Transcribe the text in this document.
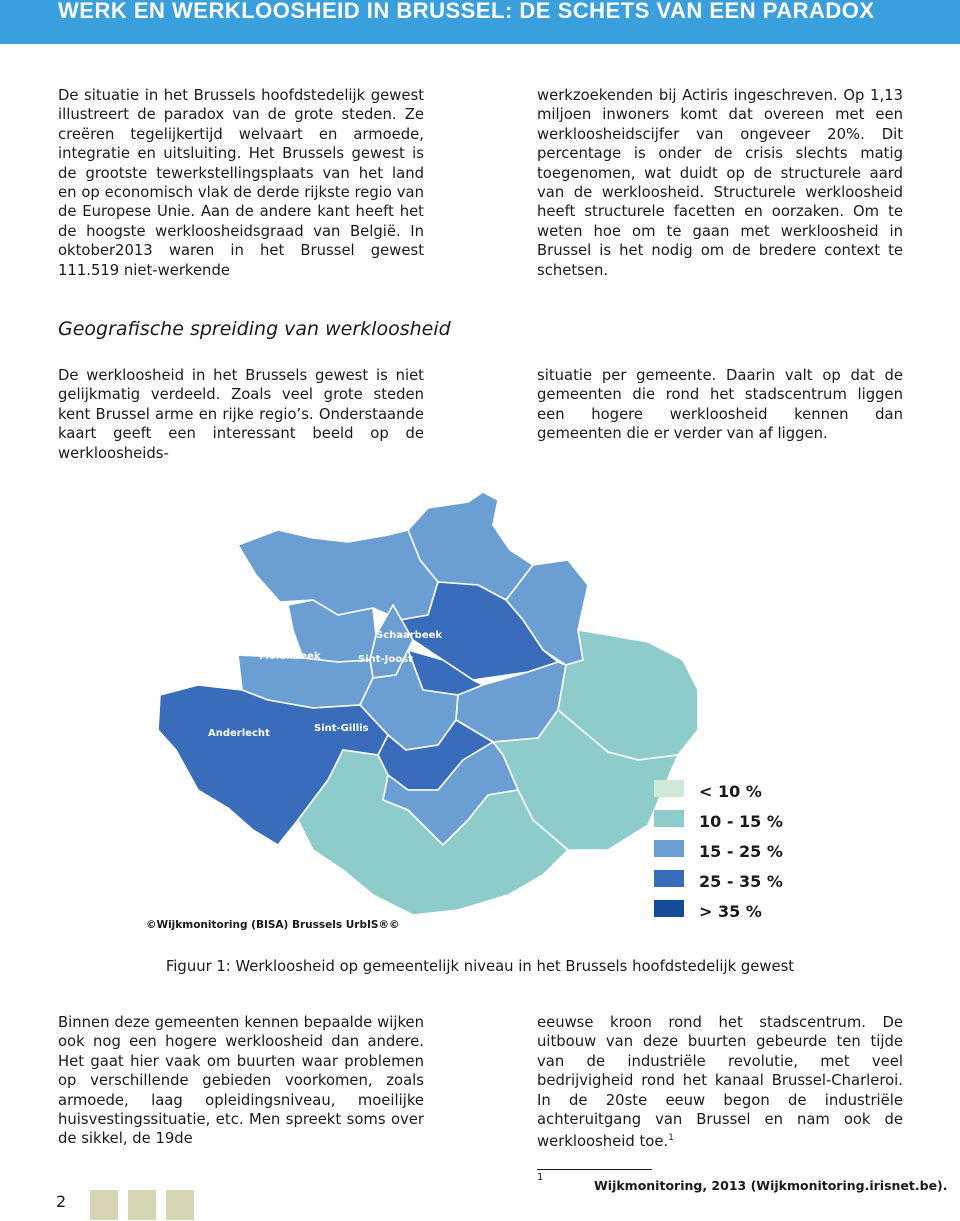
WERK EN WERKLOOSHEID IN BRUSSEL: DE SCHETS VAN EEN PARADOX
De situatie in het Brussels hoofdstedelijk gewest illustreert de paradox van de grote steden. Ze creëren tegelijkertijd welvaart en armoede, integratie en uitsluiting. Het Brussels gewest is de grootste tewerkstellingsplaats van het land en op economisch vlak de derde rijkste regio van de Europese Unie. Aan de andere kant heeft het de hoogste werkloosheidsgraad van België. In oktober2013 waren in het Brussel gewest 111.519 niet-werkende
werkzoekenden bij Actiris ingeschreven. Op 1,13 miljoen inwoners komt dat overeen met een werkloosheidscijfer van ongeveer 20%. Dit percentage is onder de crisis slechts matig toegenomen, wat duidt op de structurele aard van de werkloosheid. Structurele werkloosheid heeft structurele facetten en oorzaken. Om te weten hoe om te gaan met werkloosheid in Brussel is het nodig om de bredere context te schetsen.
Geografische spreiding van werkloosheid
De werkloosheid in het Brussels gewest is niet gelijkmatig verdeeld. Zoals veel grote steden kent Brussel arme en rijke regio’s. Onderstaande kaart geeft een interessant beeld op de werkloosheids-
situatie per gemeente. Daarin valt op dat de gemeenten die rond het stadscentrum liggen een hogere werkloosheid kennen dan gemeenten die er verder van af liggen.
Schaarbeek
Molenbeek	Sint-Joost
Anderlecht	Sint-Gillis
< 10 %
10 - 15 %
15 - 25 %
25 - 35 %
> 35 %
©Wijkmonitoring (BISA) Brussels UrbIS®©
Figuur 1: Werkloosheid op gemeentelijk niveau in het Brussels hoofdstedelijk gewest
Binnen deze gemeenten kennen bepaalde wijken ook nog een hogere werkloosheid dan andere. Het gaat hier vaak om buurten waar problemen op verschillende gebieden voorkomen, zoals armoede, laag opleidingsniveau, moeilijke huisvestingssituatie, etc. Men spreekt soms over de sikkel, de 19de
eeuwse kroon rond het stadscentrum. De uitbouw van deze buurten gebeurde ten tijde van de industriële revolutie, met veel bedrijvigheid rond het kanaal Brussel-Charleroi. In de 20ste eeuw begon de industriële achteruitgang van Brussel en nam ook de werkloosheid toe.$^1$
1
Wijkmonitoring, 2013 (Wijkmonitoring.irisnet.be).
2
